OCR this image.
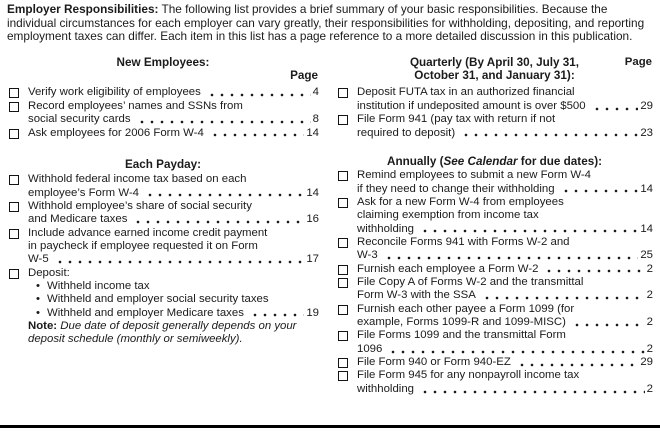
Employer Responsibilities: The following list provides a brief summary of your basic responsibilities. Because the individual circumstances for each employer can vary greatly, their responsibilities for withholding, depositing, and reporting employment taxes can differ. Each item in this list has a page reference to a more detailed discussion in this publication.
New Employees:
Page
Verify work eligibility of employees	4
Record employees’ names and SSNs from
social security cards	8
Ask employees for 2006 Form W-4	14
Each Payday:
Withhold federal income tax based on each
employee’s Form W-4	14
Withhold employee’s share of social security
and Medicare taxes	16
Include advance earned income credit payment
in paycheck if employee requested it on Form
W-5	17
Deposit:
• Withheld income tax
• Withheld and employer social security taxes
• Withheld and employer Medicare taxes	19
Note: Due date of deposit generally depends on your deposit schedule (monthly or semiweekly).
Quarterly (By April 30, July 31,
October 31, and January 31):
Page
Deposit FUTA tax in an authorized financial
institution if undeposited amount is over $500	29
File Form 941 (pay tax with return if not
required to deposit)	23
Annually (See Calendar for due dates):
Remind employees to submit a new Form W-4
if they need to change their withholding	14
Ask for a new Form W-4 from employees
claiming exemption from income tax
withholding	14
Reconcile Forms 941 with Forms W-2 and
W-3	25
Furnish each employee a Form W-2	2
File Copy A of Forms W-2 and the transmittal
Form W-3 with the SSA	2
Furnish each other payee a Form 1099 (for
example, Forms 1099-R and 1099-MISC)	2
File Forms 1099 and the transmittal Form
1096	2
File Form 940 or Form 940-EZ	29
File Form 945 for any nonpayroll income tax
withholding	2
